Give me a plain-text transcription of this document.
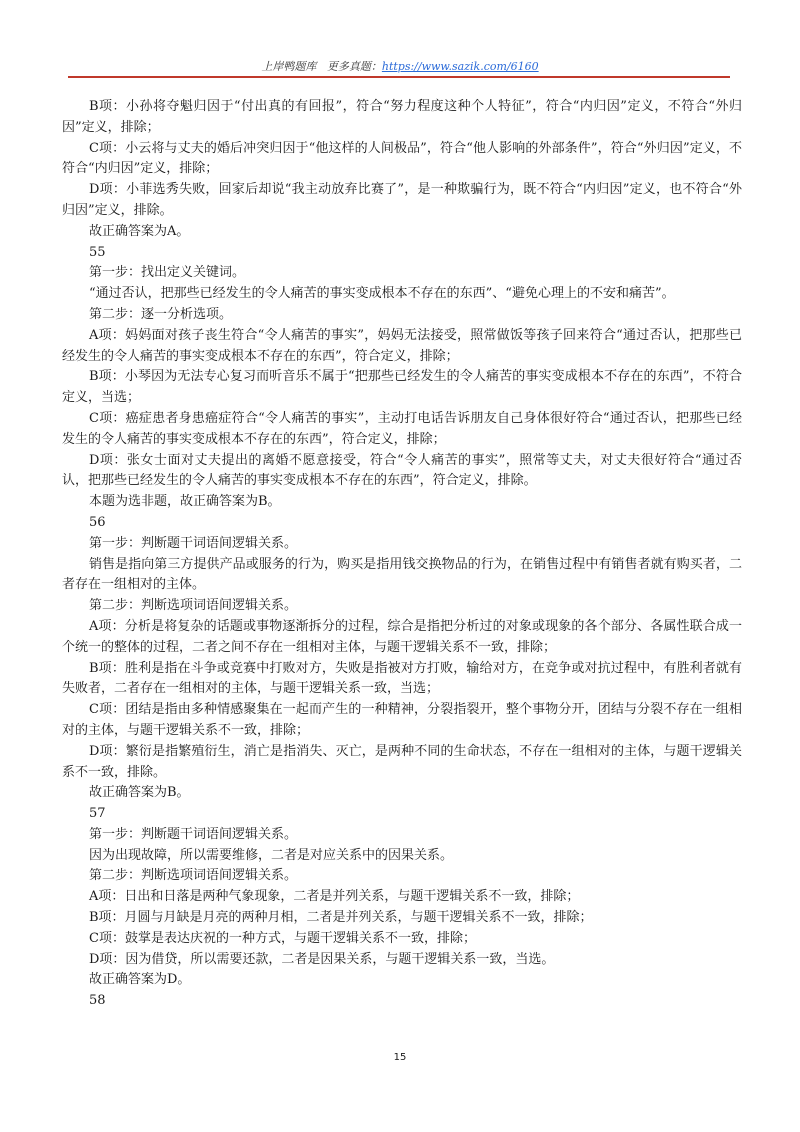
上岸鸭题库 更多真题：https://www.sazik.com/6160

B项：小孙将夺魁归因于“付出真的有回报”，符合“努力程度这种个人特征”，符合“内归因”定义，不符合“外归因”定义，排除；

C项：小云将与丈夫的婚后冲突归因于“他这样的人间极品”，符合“他人影响的外部条件”，符合“外归因”定义，不符合“内归因”定义，排除；

D项：小菲选秀失败，回家后却说“我主动放弃比赛了”，是一种欺骗行为，既不符合“内归因”定义，也不符合“外归因”定义，排除。

故正确答案为A。

55

第一步：找出定义关键词。

“通过否认，把那些已经发生的令人痛苦的事实变成根本不存在的东西”、“避免心理上的不安和痛苦”。

第二步：逐一分析选项。

A项：妈妈面对孩子丧生符合“令人痛苦的事实”，妈妈无法接受，照常做饭等孩子回来符合“通过否认，把那些已经发生的令人痛苦的事实变成根本不存在的东西”，符合定义，排除；

B项：小琴因为无法专心复习而听音乐不属于“把那些已经发生的令人痛苦的事实变成根本不存在的东西”，不符合定义，当选；

C项：癌症患者身患癌症符合“令人痛苦的事实”，主动打电话告诉朋友自己身体很好符合“通过否认，把那些已经发生的令人痛苦的事实变成根本不存在的东西”，符合定义，排除；

D项：张女士面对丈夫提出的离婚不愿意接受，符合“令人痛苦的事实”，照常等丈夫，对丈夫很好符合“通过否认，把那些已经发生的令人痛苦的事实变成根本不存在的东西”，符合定义，排除。

本题为选非题，故正确答案为B。

56

第一步：判断题干词语间逻辑关系。

销售是指向第三方提供产品或服务的行为，购买是指用钱交换物品的行为，在销售过程中有销售者就有购买者，二者存在一组相对的主体。

第二步：判断选项词语间逻辑关系。

A项：分析是将复杂的话题或事物逐渐拆分的过程，综合是指把分析过的对象或现象的各个部分、各属性联合成一个统一的整体的过程，二者之间不存在一组相对主体，与题干逻辑关系不一致，排除；

B项：胜利是指在斗争或竞赛中打败对方，失败是指被对方打败，输给对方，在竞争或对抗过程中，有胜利者就有失败者，二者存在一组相对的主体，与题干逻辑关系一致，当选；

C项：团结是指由多种情感聚集在一起而产生的一种精神，分裂指裂开，整个事物分开，团结与分裂不存在一组相对的主体，与题干逻辑关系不一致，排除；

D项：繁衍是指繁殖衍生，消亡是指消失、灭亡，是两种不同的生命状态，不存在一组相对的主体，与题干逻辑关系不一致，排除。

故正确答案为B。

57

第一步：判断题干词语间逻辑关系。

因为出现故障，所以需要维修，二者是对应关系中的因果关系。

第二步：判断选项词语间逻辑关系。

A项：日出和日落是两种气象现象，二者是并列关系，与题干逻辑关系不一致，排除；

B项：月圆与月缺是月亮的两种月相，二者是并列关系，与题干逻辑关系不一致，排除；

C项：鼓掌是表达庆祝的一种方式，与题干逻辑关系不一致，排除；

D项：因为借贷，所以需要还款，二者是因果关系，与题干逻辑关系一致，当选。

故正确答案为D。

58

15
